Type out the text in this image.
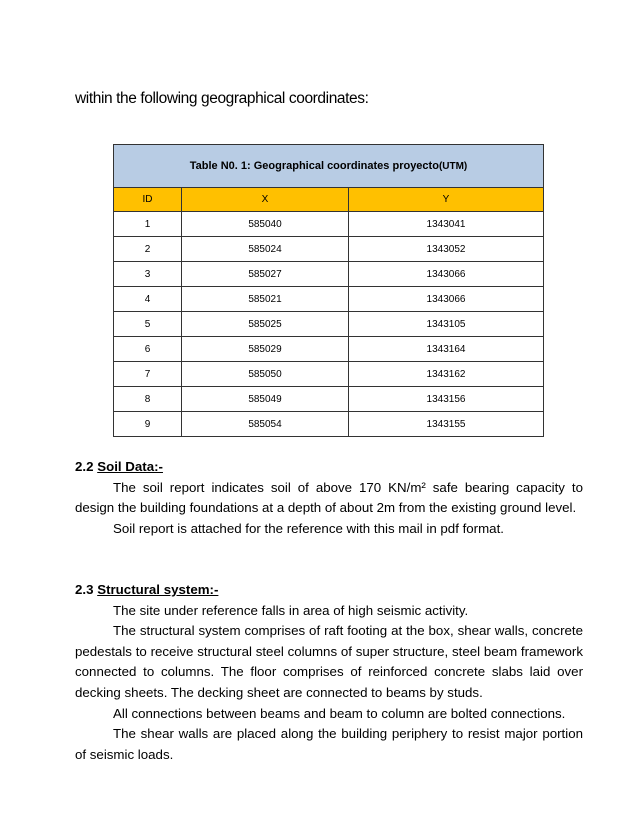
within the following geographical coordinates:
Table N0. 1: Geographical coordinates proyecto(UTM)		
ID	X	Y
1	585040	1343041
2	585024	1343052
3	585027	1343066
4	585021	1343066
5	585025	1343105
6	585029	1343164
7	585050	1343162
8	585049	1343156
9	585054	1343155

2.2 Soil Data:-

The soil report indicates soil of above 170 KN/m² safe bearing capacity to design the building foundations at a depth of about 2m from the existing ground level.

Soil report is attached for the reference with this mail in pdf format.

2.3 Structural system:-

The site under reference falls in area of high seismic activity.

The structural system comprises of raft footing at the box, shear walls, concrete pedestals to receive structural steel columns of super structure, steel beam framework connected to columns. The floor comprises of reinforced concrete slabs laid over decking sheets. The decking sheet are connected to beams by studs.

All connections between beams and beam to column are bolted connections.

The shear walls are placed along the building periphery to resist major portion of seismic loads.
